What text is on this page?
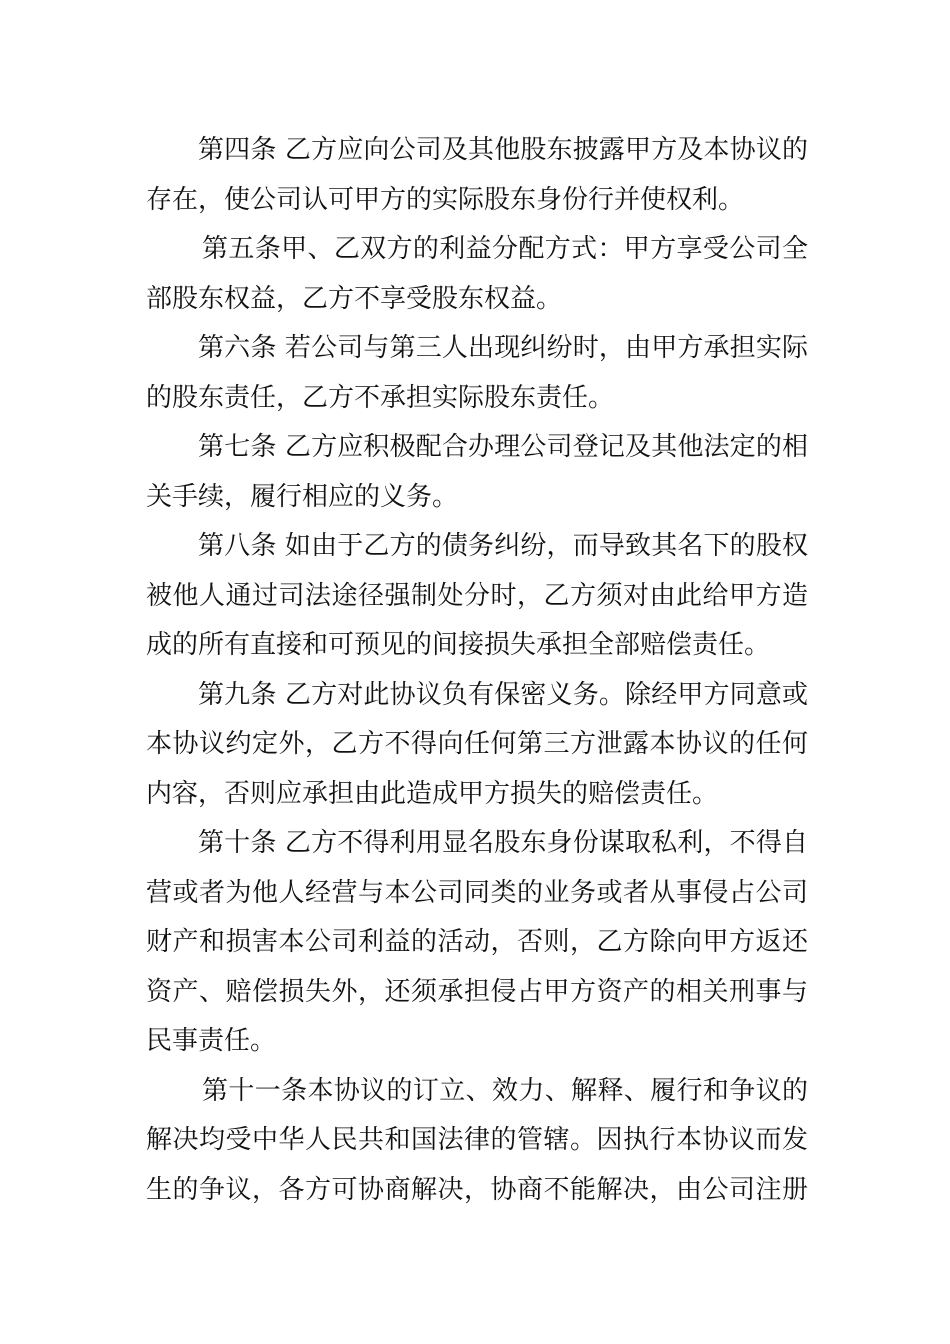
第四条 乙方应向公司及其他股东披露甲方及本协议的
存在，使公司认可甲方的实际股东身份行并使权利。
第五条甲、乙双方的利益分配方式：甲方享受公司全
部股东权益，乙方不享受股东权益。
第六条 若公司与第三人出现纠纷时，由甲方承担实际
的股东责任，乙方不承担实际股东责任。
第七条 乙方应积极配合办理公司登记及其他法定的相
关手续，履行相应的义务。
第八条 如由于乙方的债务纠纷，而导致其名下的股权
被他人通过司法途径强制处分时，乙方须对由此给甲方造
成的所有直接和可预见的间接损失承担全部赔偿责任。
第九条 乙方对此协议负有保密义务。除经甲方同意或
本协议约定外，乙方不得向任何第三方泄露本协议的任何
内容，否则应承担由此造成甲方损失的赔偿责任。
第十条 乙方不得利用显名股东身份谋取私利，不得自
营或者为他人经营与本公司同类的业务或者从事侵占公司
财产和损害本公司利益的活动，否则，乙方除向甲方返还
资产、赔偿损失外，还须承担侵占甲方资产的相关刑事与
民事责任。
第十一条本协议的订立、效力、解释、履行和争议的
解决均受中华人民共和国法律的管辖。因执行本协议而发
生的争议，各方可协商解决，协商不能解决，由公司注册
